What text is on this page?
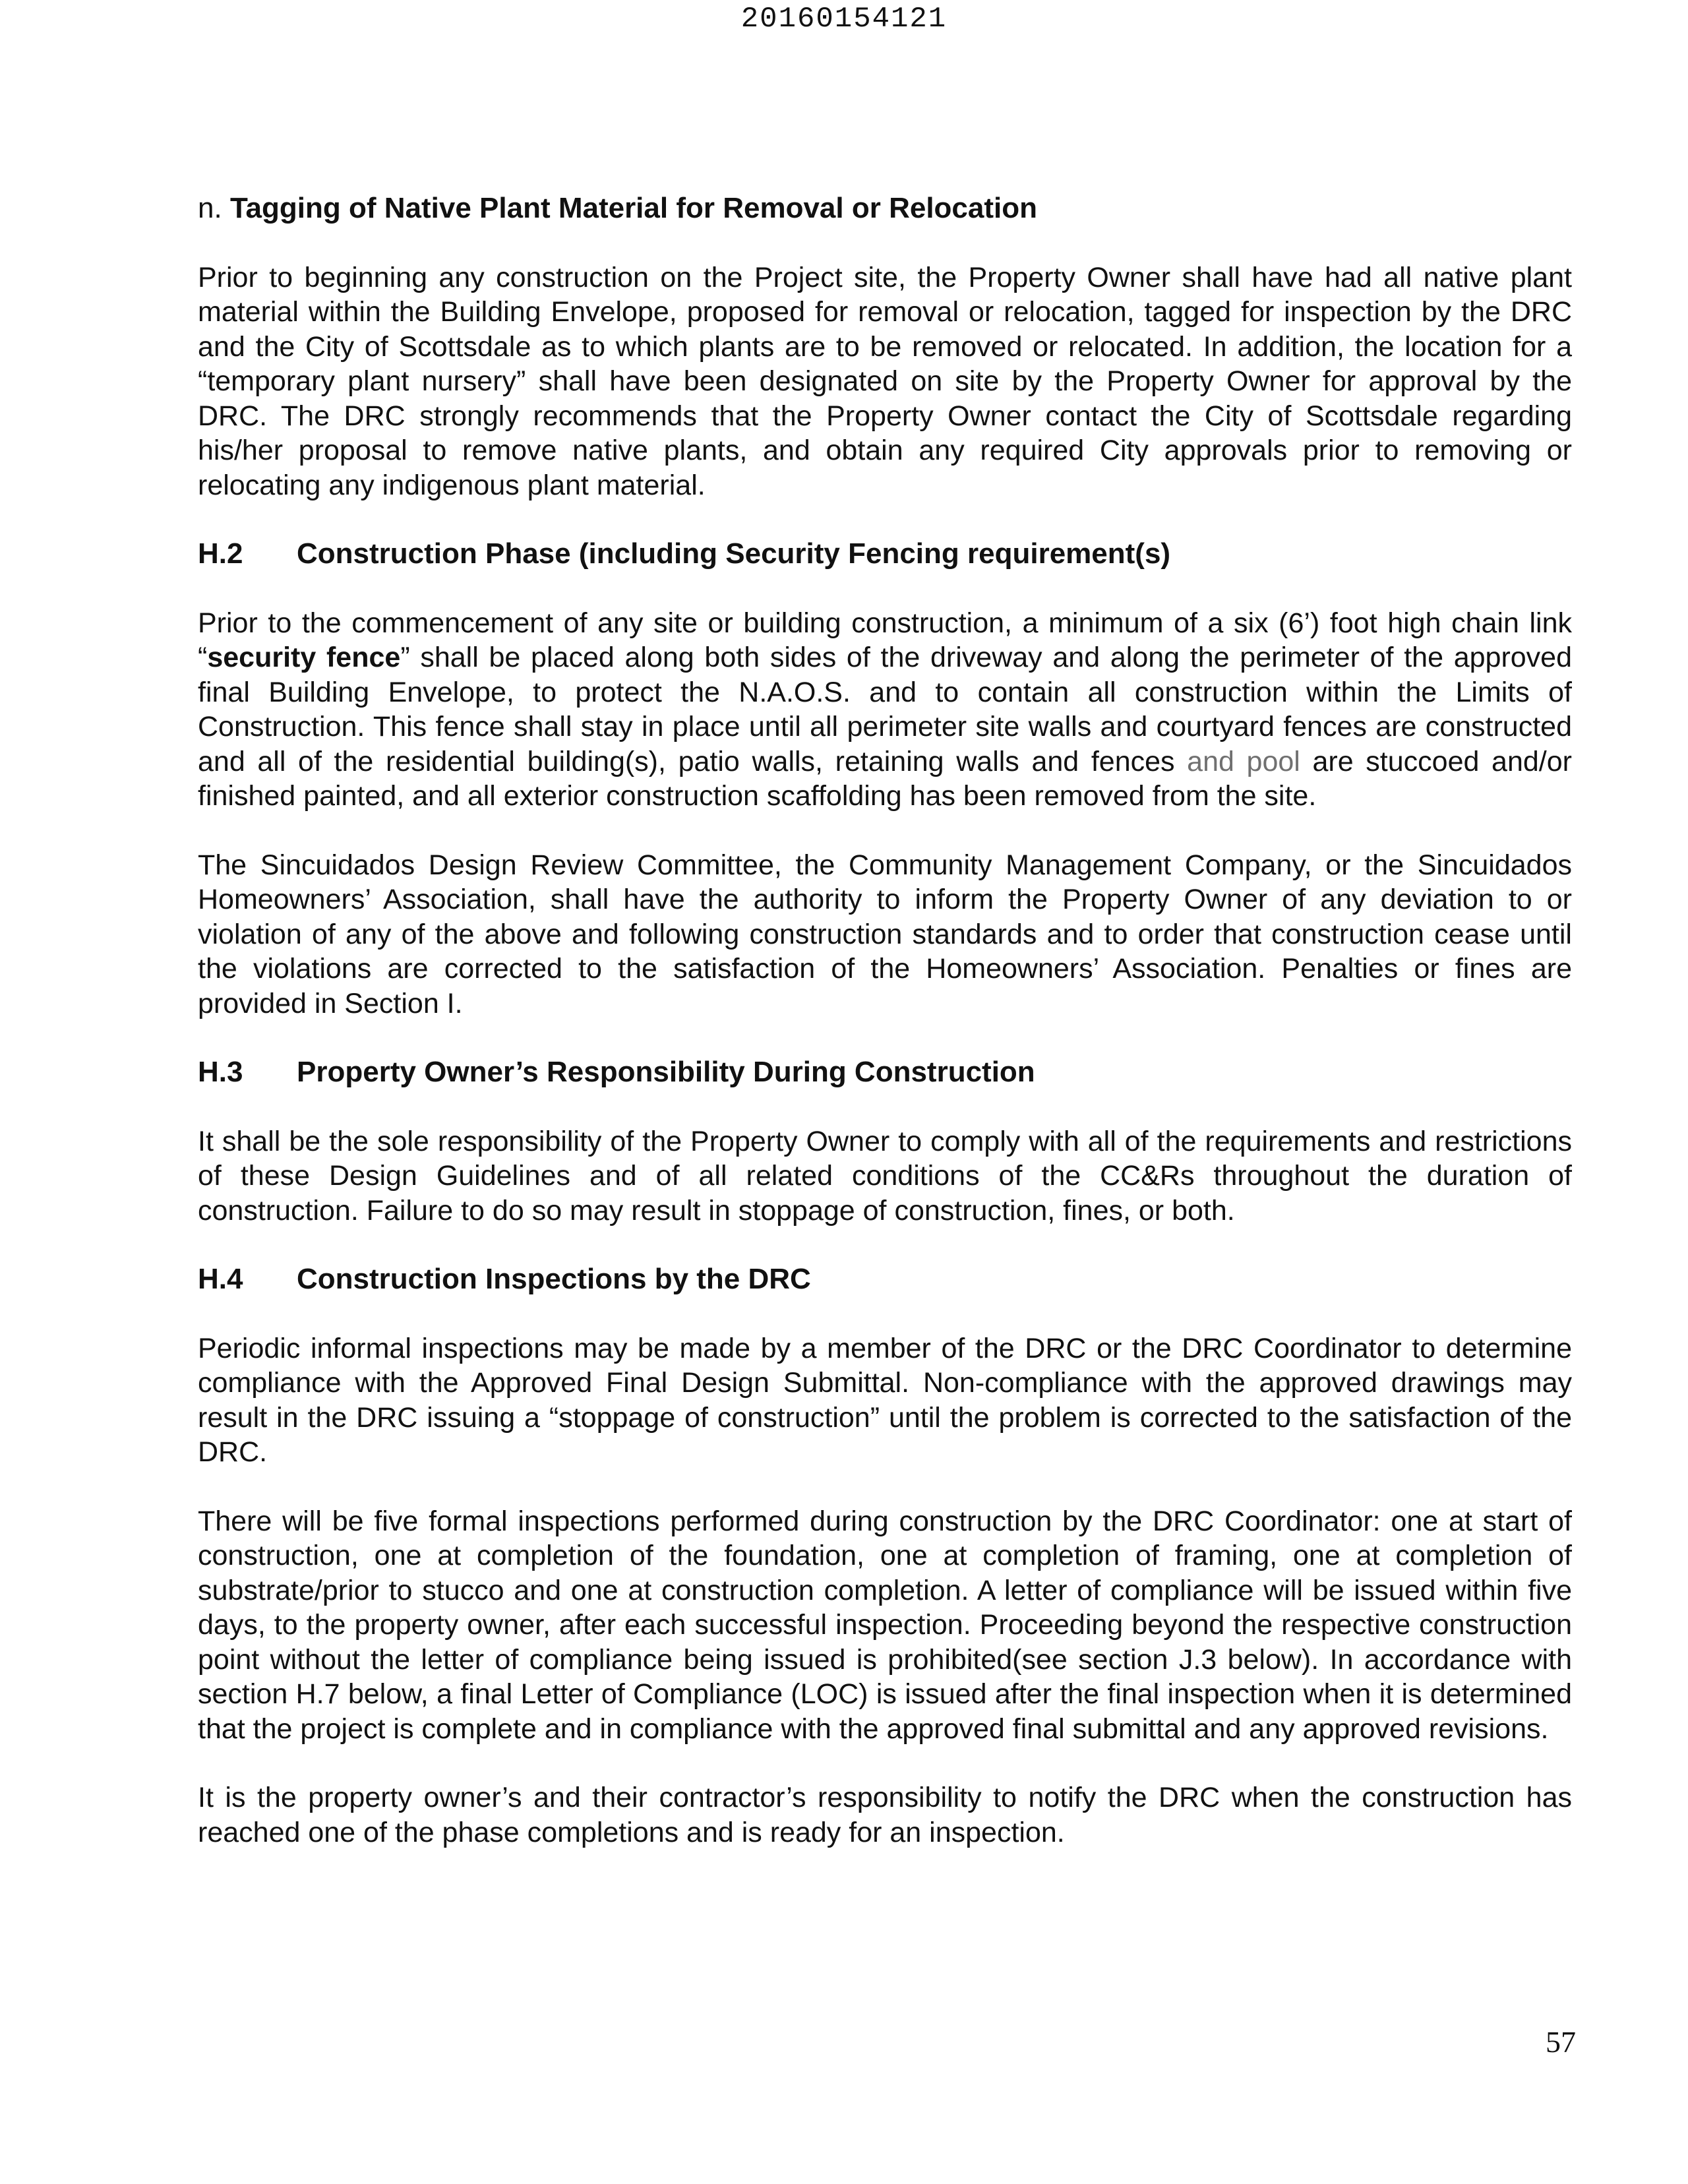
20160154121
n. Tagging of Native Plant Material for Removal or Relocation

Prior to beginning any construction on the Project site, the Property Owner shall have had all native plant material within the Building Envelope, proposed for removal or relocation, tagged for inspection by the DRC and the City of Scottsdale as to which plants are to be removed or relocated. In addition, the location for a “temporary plant nursery” shall have been designated on site by the Property Owner for approval by the DRC. The DRC strongly recommends that the Property Owner contact the City of Scottsdale regarding his/her proposal to remove native plants, and obtain any required City approvals prior to removing or relocating any indigenous plant material.

H.2	Construction Phase (including Security Fencing requirement(s)

Prior to the commencement of any site or building construction, a minimum of a six (6’) foot high chain link “security fence” shall be placed along both sides of the driveway and along the perimeter of the approved final Building Envelope, to protect the N.A.O.S. and to contain all construction within the Limits of Construction. This fence shall stay in place until all perimeter site walls and courtyard fences are constructed and all of the residential building(s), patio walls, retaining walls and fences and pool are stuccoed and/or finished painted, and all exterior construction scaffolding has been removed from the site.

The Sincuidados Design Review Committee, the Community Management Company, or the Sincuidados Homeowners’ Association, shall have the authority to inform the Property Owner of any deviation to or violation of any of the above and following construction standards and to order that construction cease until the violations are corrected to the satisfaction of the Homeowners’ Association. Penalties or fines are provided in Section I.

H.3	Property Owner’s Responsibility During Construction

It shall be the sole responsibility of the Property Owner to comply with all of the requirements and restrictions of these Design Guidelines and of all related conditions of the CC&Rs throughout the duration of construction. Failure to do so may result in stoppage of construction, fines, or both.

H.4	Construction Inspections by the DRC

Periodic informal inspections may be made by a member of the DRC or the DRC Coordinator to determine compliance with the Approved Final Design Submittal. Non-compliance with the approved drawings may result in the DRC issuing a “stoppage of construction” until the problem is corrected to the satisfaction of the DRC.

There will be five formal inspections performed during construction by the DRC Coordinator: one at start of construction, one at completion of the foundation, one at completion of framing, one at completion of substrate/prior to stucco and one at construction completion. A letter of compliance will be issued within five days, to the property owner, after each successful inspection. Proceeding beyond the respective construction point without the letter of compliance being issued is prohibited(see section J.3 below). In accordance with section H.7 below, a final Letter of Compliance (LOC) is issued after the final inspection when it is determined that the project is complete and in compliance with the approved final submittal and any approved revisions.

It is the property owner’s and their contractor’s responsibility to notify the DRC when the construction has reached one of the phase completions and is ready for an inspection.

57
